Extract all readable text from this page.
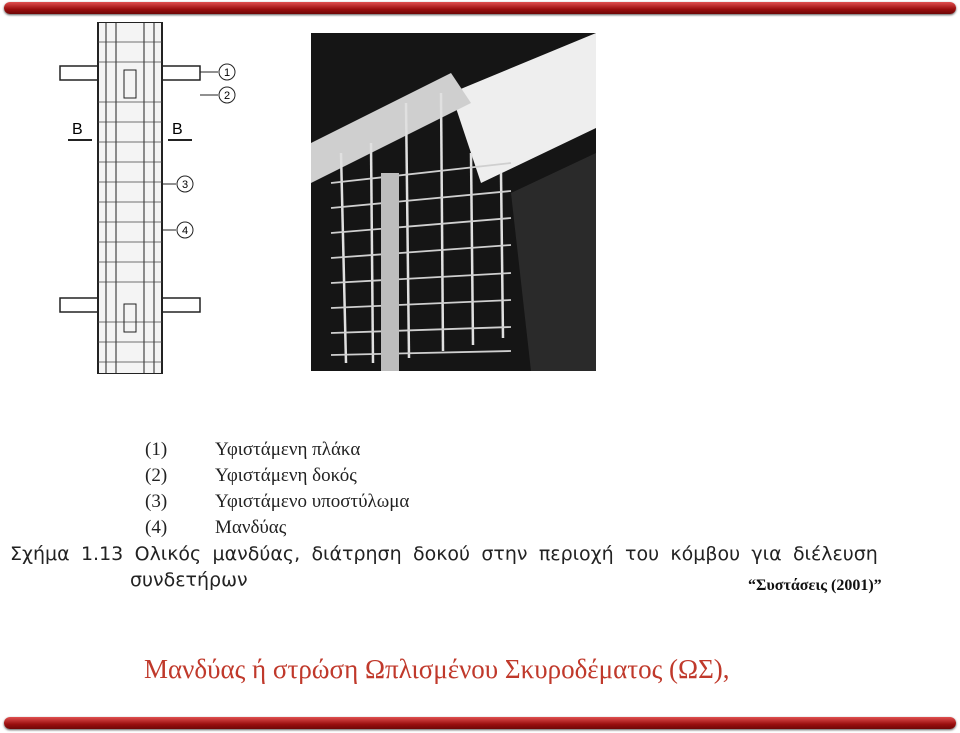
B	B
1
2
3
4
(1)	Υφιστάμενη πλάκα
(2)	Υφιστάμενη δοκός
(3)	Υφιστάμενο υποστύλωμα
(4)	Μανδύας
Σχήμα 1.13 Ολικός μανδύας, διάτρηση δοκού στην περιοχή του κόμβου για διέλευση
συνδετήρων	“Συστάσεις (2001)”
Μανδύας ή στρώση Ωπλισμένου Σκυροδέματος (ΩΣ),
